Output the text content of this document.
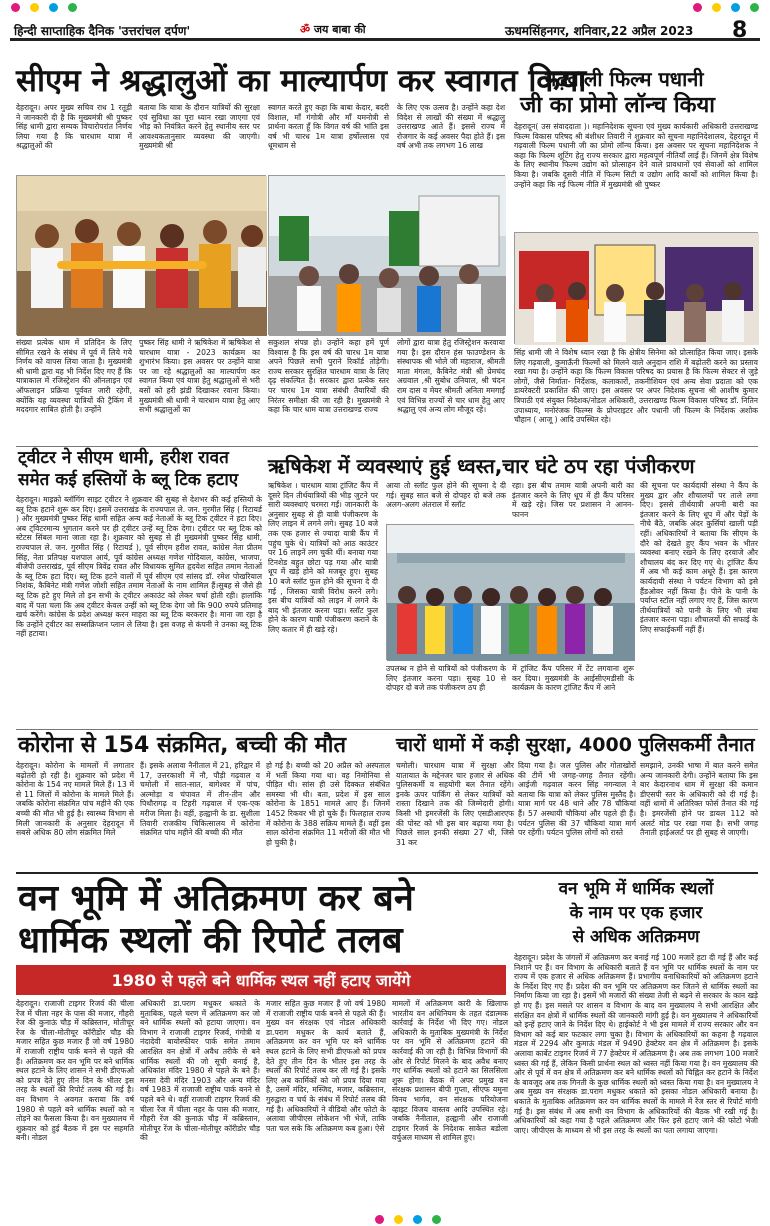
हिन्दी साप्ताहिक दैनिक 'उत्तरांचल दर्पण'	ॐ जय बाबा की	ऊधमसिंहनगर, शनिवार,22 अप्रैल 2023 8
सीएम ने श्रद्धालुओं का माल्यार्पण कर स्वागत किया
देहरादून। अपर मुख्य सचिव राध 1 रतूड़ी ने जानकारी दी है कि मुख्यमंत्री श्री पुष्कर सिंह धामी द्वारा सम्यक विचारोपरांत निर्णय लिया गया है कि चारधाम यात्रा में श्रद्धालुओं की
बताया कि यात्रा के दौरान यात्रियों की सुरक्षा एवं सुविधा का पूरा ध्यान रखा जाएगा एवं भीड़ को नियंत्रित करने हेतु स्थानीय स्तर पर आवश्यकतानुसार व्यवस्था की जाएगी। मुख्यमंत्री श्री
स्वागत करते हुए कहा कि बाबा केदार, बदरी विशाल, माँ गंगोत्री और माँ यमनोत्री से प्रार्थना करता हूँ कि विगत वर्ष की भांति इस वर्ष भी चारध 1म यात्रा हर्षोल्लास एवं धूमधाम से
के लिए एक उत्सव है। उन्होंने कहा देश विदेश से लाखों की संख्या में श्रद्धालु उत्तराखण्ड आते हैं। इससे राज्य में रोजगार के कई अवसर पैदा होते हैं। इस वर्ष अभी तक लगभग 16 लाख
संख्या प्रत्येक धाम में प्रतिदिन के लिए सीमित रखने के संबंध में पूर्व में लिये गये निर्णय को वापस लिया जाता है। मुख्यमंत्री श्री धामी द्वारा यह भी निर्देश दिए गए हैं कि यात्राकाल में रजिस्ट्रेशन की ऑनलाइन एवं ऑफलाइन प्रक्रिया पूर्ववत जारी रहेगी, क्योंकि यह व्यवस्था यात्रियों की ट्रैकिंग में मददगार साबित होती है। उन्होंने
पुष्कर सिंह धामी ने ऋषिकेश में ऋषिकेश से चारधाम यात्रा - 2023 कार्यक्रम का शुभारंभ किया। इस अवसर पर उन्होंने यात्रा पर जा रहे श्रद्धालुओं का माल्यार्पण कर स्वागत किया एवं यात्रा हेतु श्रद्धालुओं से भरी बसों को हरी झंडी दिखाकर रवाना किया। मुख्यमंत्री श्री धामी ने चारधाम यात्रा हेतु आए सभी श्रद्धालुओं का
सकुशल संपन्न हो। उन्होंने कहा हमें पूर्ण विश्वास है कि इस वर्ष की चारध 1म यात्रा अपने पिछले सभी पुराने रिकॉर्ड तोड़ेगी। राज्य सरकार सुरक्षित चारधाम यात्रा के लिए दृढ़ संकल्पित है। सरकार द्वारा प्रत्येक स्तर पर चारध 1म यात्रा संबंधी तैयारियों की निरंतर समीक्षा की जा रही है। मुख्यमंत्री ने कहा कि चार धाम यात्रा उत्तराखण्ड राज्य
लोगों द्वारा यात्रा हेतु रजिस्ट्रेशन करवाया गया है। इस दौरान हंस फाउण्डेशन के संस्थापक श्री भोले जी महाराज, श्रीमती माता मंगला, कैबिनेट मंत्री श्री प्रेमचंद अग्रवाल ,श्री सुबोध उनियाल, श्री चंदन राम दास व मेयर श्रीमती अनिता ममगाईं एवं विभिन्न राज्यों से चार धाम हेतु आए श्रद्धालु एवं अन्य लोग मौजूद रहे।
गढ़वाली फिल्म पधानी
जी का प्रोमो लॉन्च किया
देहरादून( उस संवाददाता )। महानिदेशक सूचना एवं मुख्य कार्यकारी अधिकारी उत्तराखण्ड फिल्म विकास परिषद श्री बंशीधर तिवारी ने शुक्रवार को सूचना महानिदेशालय, देहरादून में गढ़वाली फिल्म पधानी जी का प्रोमो लॉन्च किया। इस अवसर पर सूचना महानिदेशक ने कहा कि फिल्म शूटिंग हेतु राज्य सरकार द्वारा महत्वपूर्ण नीतियाँ लाई हैं। जिनमें क्षेत्र विशेष के लिए स्थानीय फिल्म उद्योग को प्रोत्साहन देने वाले प्रावधानों एवं सेवाओं को शामिल किया है। जबकि दूसरी नीति में फिल्म सिटी व उद्योग आदि कार्यों को शामिल किया है। उन्होंने कहा कि नई फिल्म नीति में मुख्यमंत्री श्री पुष्कर
सिंह धामी जी ने विशेष ध्यान रखा है कि क्षेत्रीय सिनेमा को प्रोत्साहित किया जाए। इसके लिए गढ़वाली, कुमाऊँनी फिल्मों को मिलने वाले अनुदान राशि में बढ़ोतरी करने का प्रस्ताव रखा गया है। उन्होंने कहा कि फिल्म विकास परिषद का प्रयास है कि फिल्म सेक्टर से जुड़े लोगों, जैसे निर्माता- निर्देशक, कलाकारों, तकनीशियन एवं अन्य सेवा प्रदाता को एक डायरेक्टरी प्रकाशित की जाए। इस अवसर पर अपर निदेशक सूचना श्री आशीष कुमार त्रिपाठी एवं संयुक्त निदेशक/नोडल अधिकारी, उत्तराखण्ड फिल्म विकास परिषद डॉ. नितिन उपाध्याय, मनोरंजक फिल्म्स के प्रोपराइटर और पधानी जी फिल्म के निर्देशक अशोक चौहान ( आजू ) आदि उपस्थित रहे।
ट्वीटर ने सीएम धामी, हरीश रावत
समेत कई हस्तियों के ब्लू टिक हटाए
देहरादून। माइक्रो ब्लॉगिंग साइट ट्वीटर ने शुक्रवार की सुबह से देशभर की कई हस्तियों के ब्लू टिक हटाने शुरू कर दिए। इसमें उत्तराखंड के राज्यपाल ले. जन. गुरमीत सिंह ( रिटायर्ड ) और मुख्यमंत्री पुष्कर सिंह धामी सहित अन्य कई नेताओं के ब्लू टिक ट्वीटर ने हटा दिए। अब ट्विटरमान्य भुगतान करने पर ही ट्वीटर उन्हें ब्लू टिक देगा। ट्वीटर पर ब्लू टिक को स्टेटस सिंबल माना जाता रहा है। शुक्रवार को सुबह से ही मुख्यमंत्री पुष्कर सिंह धामी, राज्यपाल ले. जन. गुरमीत सिंह ( रिटायर्ड ), पूर्व सीएम हरीश रावत, कांग्रेस नेता प्रीतम सिंह, नेता प्रतिपक्ष यशपाल आर्य, पूर्व कांग्रेस अध्यक्ष गणेश गोदियाल, कांग्रेस, भाजपा, बीजेपी उत्तराखंड, पूर्व सीएम त्रिवेंद्र रावत और विधायक सुमित हृदयेश सहित तमाम नेताओं के ब्लू टिक हटा दिए। ब्लू टिक हटने वालों में पूर्व सीएम एवं सांसद डॉ. रमेश पोखरियाल निशंक, कैबिनेट मंत्री गणेश जोशी सहित तमाम नेताओं के नाम शामिल हैं।सुबह से जैसे ही ब्लू टिक हटे हुए मिले तो इन सभी के ट्वीटर अकाउंट को लेकर चर्चा होती रही। हालांकि बाद में पता चला कि अब ट्वीटर केवल उन्हीं को ब्लू टिक देगा जो कि 900 रुपये प्रतिमाह खर्च करेंगे। कांग्रेस के प्रदेश अध्यक्ष करन माहरा का ब्लू टिक बरकरार है। माना जा रहा है कि उन्होंने ट्वीटर का सब्सक्रिप्शन प्लान ले लिया है। इस वजह से कंपनी ने उनका ब्लू टिक नहीं हटाया।
ऋषिकेश में व्यवस्थाएं हुई ध्वस्त,चार घंटे ठप रहा पंजीकरण
ऋषिकेश । चारधाम यात्रा ट्रांजिट कैंप में दूसरे दिन तीर्थयात्रियों की भीड़ जुटने पर सारी व्यवस्थाएं चरमरा गईं। जानकारी के अनुसार सुबह से ही यात्री पंजीकरण के लिए लाइन में लगने लगे। सुबह 10 बजे तक एक हजार से ज्यादा यात्री कैंप में पहुंच चुके थे। यात्रियों को आठ काउंटर पर 16 लाइनें लग चुकी थीं। बनाया गया टिनशेड बहुत छोटा पड़ गया और यात्री धूप में खड़े होने को मजबूर हुए। सुबह 10 बजे स्लॉट फुल होने की सूचना दे दी गई , जिसका यात्री विरोध करने लगे। इस बीच यात्रियों को लाइन में लगने के बाद भी इंतजार करना पड़ा। स्लॉट फुल होने के कारण यात्री पंजीकरण कराने के लिए कतार में ही खड़े रहे।
आया तो स्लॉट फुल होने की सूचना दे दी गई। सुबह सात बजे से दोपहर दो बजे तक अलग-अलग अंतराल में स्लॉट
रहा। इस बीच तमाम यात्री अपनी बारी का इंतजार करने के लिए धूप में ही कैंप परिसर में खड़े रहे। जिस पर प्रशासन ने आनन-फानन
उपलब्ध न होने से यात्रियों को पंजीकरण के लिए इंतजार करना पड़ा। सुबह 10 से दोपहर दो बजे तक पंजीकरण ठप ही
में ट्रांजिट कैंप परिसर में टेंट लगवाना शुरू कर दिया। मुख्यमंत्री के आईसीएमडीसी के कार्यक्रम के कारण ट्रांजिट कैंप में आने
की सूचना पर कार्यदायी संस्था ने कैंप के मुख्य द्वार और शौचालयों पर ताले लगा दिए। इससे तीर्थयात्री अपनी बारी का इंतजार करने के लिए धूप में और पेड़ों के नीचे बैठे, जबकि अंदर कुर्सियां खाली पड़ी रहीं। अधिकारियों ने बताया कि सीएम के दौरे को देखते हुए कैंप भवन के भीतर व्यवस्था बनाए रखने के लिए दरवाजे और शौचालय बंद कर दिए गए थे। ट्रांजिट कैंप में अब भी कई काम अधूरे हैं। इस कारण कार्यदायी संस्था ने पर्यटन विभाग को इसे हैंडओवर नहीं किया है। पीने के पानी के पर्याप्त स्टॉल नहीं लगाए गए हैं, जिस कारण तीर्थयात्रियों को पानी के लिए भी लंबा इंतजार करना पड़ा। शौचालयों की सफाई के लिए सफाईकर्मी नहीं हैं।
कोरोना से 154 संक्रमित, बच्ची की मौत
देहरादून। कोरोना के मामलों में लगातार बढ़ोतरी हो रही है। शुक्रवार को प्रदेश में कोरोना के 154 नए मामले मिले हैं। 13 में से 11 जिलों में कोरोना के मामले मिले हैं। जबकि कोरोना संक्रमित पांच महीने की एक बच्ची की मौत भी हुई है। स्वास्थ्य विभाग से मिली जानकारी के अनुसार देहरादून में सबसे अधिक 80 लोग संक्रमित मिले
हैं। इसके अलावा नैनीताल में 21, हरिद्वार में 17, उत्तरकाशी में नौ, पौड़ी गढ़वाल व चमोली में सात-सात, बागेश्वर में पांच, अल्मोड़ा व चंपावत में तीन-तीन और पिथौरागढ़ व टिहरी गढ़वाल में एक-एक मरीज मिला है। वहीं, हल्द्वानी के डा. सुशीला तिवारी राजकीय चिकित्सालय में कोरोना संक्रमित पांच महीने की बच्ची की मौत
हो गई है। बच्ची को 20 अप्रैल को अस्पताल में भर्ती किया गया था। वह निमोनिया से पीड़ित थी। सांस ही उसे दिक्कत संबंधित समस्या भी थी। बता, प्रदेश में इस साल कोरोना के 1851 मामले आए हैं। जिनमें 1452 रिकवर भी हो चुके हैं। फिलहाल राज्य में कोरोना के 388 सक्रिय मामले हैं। वहीं इस साल कोरोना संक्रमित 11 मरीजों की मौत भी हो चुकी है।
चारों धामों में कड़ी सुरक्षा, 4000 पुलिसकर्मी तैनात
चमोली। चारधाम यात्रा में सुरक्षा और यातायात के मद्देनजर चार हजार से अधिक पुलिसकर्मी व सहयोगी बल तैनात रहेंगे। इनके ऊपर पार्किंग से लेकर यात्रियों को रास्ता दिखाने तक की जिम्मेदारी होगी। किसी भी इमरजेंसी के लिए एसडीआरएफ की पोस्ट को भी इस बार बढ़ाया गया है। पिछले साल इनकी संख्या 27 थी, जिसे 31 कर
दिया गया है। जल पुलिस और गोताखोरों की टीमें भी जगह-जगह तैनात रहेंगी। आईजी गढ़वाल करन सिंह नगन्याल ने बताया कि यात्रा को लेकर पुलिस मुस्तैद है। यात्रा मार्ग पर 48 थाने और 78 चौकियां हैं। 57 अस्थायी चौकियां और पहले ही हैं। पर्यटन पुलिस की 37 चौकियां यात्रा मार्ग पर रहेंगी। पर्यटन पुलिस लोगों को रास्ते
समझाने, उनकी भाषा में बात करने समेत अन्य जानकारी देगी। उन्होंने बताया कि इस बार केदारनाथ धाम में सुरक्षा की कमान डीएसपी स्तर के अधिकारी को दी गई है। वहीं धामों में अतिरिक्त फोर्स तैनात की गई है। इमरजेंसी होने पर डायल 112 को अलर्ट मोड पर रखा गया है। सभी जगह तैनाती हाईअलर्ट पर ही सुबह से जाएगी।
वन भूमि में अतिक्रमण कर बने
धार्मिक स्थलों की रिपोर्ट तलब
1980 से पहले बने धार्मिक स्थल नहीं हटाए जायेंगे
देहरादून। राजाजी टाइगर रिजर्व की चीला रेंज में चीला नहर के पास की मजार, गौहरी रेंज की कुनाऊं चौड़ में कब्रिस्तान, मोतीचूर रेंज के चीला-मोतीचूर कॉरीडोर चौड़ की मजार सहित कुछ मजार हैं जो वर्ष 1980 में राजाजी राष्ट्रीय पार्क बनने से पहले की हैं। अतिक्रमण कर वन भूमि पर बने धार्मिक स्थल हटाने के लिए शासन ने सभी डीएफओ को प्रपत्र देते हुए तीन दिन के भीतर इस तरह के स्थलों की रिपोर्ट तलब की गई है। वन विभाग ने अवगत कराया कि वर्ष 1980 से पहले बने धार्मिक स्थलों को न तोड़ने का फैसला किया है। वन मुख्यालय में शुक्रवार को हुई बैठक में इस पर सहमति बनी। नोडल
अधिकारी डा.पराग मधुकर धकाते के मुताबिक, पहले चरण में अतिक्रमण कर जो बने धार्मिक स्थलों को हटाया जाएगा। वन विभाग ने राजाजी टाइगर रिजर्व, गंगोत्री व नंदादेवी बायोस्फीयर पार्क समेत तमाम आरक्षित वन क्षेत्रों में अवैध तरीके से बने धार्मिक स्थलों की जो सूची बनाई है, अधिकांश मंदिर 1980 से पहले के बने हैं। मनसा देवी मंदिर 1903 और अन्य मंदिर वर्ष 1983 में राजाजी राष्ट्रीय पार्क बनने से पहले बने थे। वहीं राजाजी टाइगर रिजर्व की चीला रेंज में चीला नहर के पास की मजार, गौहरी रेंज की कुनाऊं चौड़ में कब्रिस्तान, मोतीचूर रेंज के चीला-मोतीचूर कॉरीडोर चौड़ की
मजार सहित कुछ मजार हैं जो वर्ष 1980 में राजाजी राष्ट्रीय पार्क बनने से पहले की हैं। मुख्य वन संरक्षक एवं नोडल अधिकारी डा.पराग मधुकर के कार्य बताते हैं, अतिक्रमण कर वन भूमि पर बने धार्मिक स्थल हटाने के लिए सभी डीएफओ को प्रपत्र देते हुए तीन दिन के भीतर इस तरह के स्थलों की रिपोर्ट तलब कर ली गई है। इसके लिए अब कार्मिकों को जो प्रपत्र दिया गया है, उसमें मंदिर, मस्जिद, मजार, कब्रिस्तान, गुरुद्वारा व चर्च के संबंध में रिपोर्ट तलब की गई है। अधिकारियों ने वीडियो और फोटो के अलावा जीपीएस लोकेशन भी भेजें, ताकि पता चल सके कि अतिक्रमण कब हुआ। ऐसे
मामलों में अतिक्रमण कारी के खिलाफ भारतीय वन अधिनियम के तहत दंडात्मक कार्रवाई के निर्देश भी दिए गए। नोडल अधिकारी के मुताबिक मुख्यमंत्री के निर्देश पर वन भूमि से अतिक्रमण हटाने की कार्रवाई की जा रही है। विभिन्न विभागों की ओर से रिपोर्ट मिलने के बाद अवैध बनाए गए धार्मिक स्थलों को हटाने का सिलसिला शुरू होगा। बैठक में अपर प्रमुख वन संरक्षक प्रशासन बीपी गुप्ता, सीएफ यमुना विनय भार्गव, वन संरक्षक परियोजना व्हाइट विजय वास्तव आदि उपस्थित रहे। जबकि नैनीताल, हल्द्वानी और राजाजी टाइगर रिजर्व के निदेशक साकेत बडोला वर्चुअल माध्यम से शामिल हुए।
वन भूमि में धार्मिक स्थलों
के नाम पर एक हजार
से अधिक अतिक्रमण
देहरादून। प्रदेश के जंगलों में अतिक्रमण कर बनाई गई 100 मजारें हटा दी गई हैं और कई निशाने पर हैं। वन विभाग के अधिकारी बताते हैं वन भूमि पर धार्मिक स्थलों के नाम पर राज्य में एक हजार से अधिक अतिक्रमण हैं। प्रभागीय वनाधिकारियों को अतिक्रमण हटाने के निर्देश दिए गए हैं। प्रदेश की वन भूमि पर अतिक्रमण कर जितने से धार्मिक स्थलों का निर्माण किया जा रहा है। इसमें भी मजारों की संख्या तेजी से बढ़ने से सरकार के कान खड़े हो गए हैं। इस मसले पर शासन व विभाग के बाद वन मुख्यालय ने सभी आरक्षित और संरक्षित वन क्षेत्रों में धार्मिक स्थलों की जानकारी मांगी हुई है। वन मुख्यालय ने अधिकारियों को इन्हें हटाए जाने के निर्देश दिए थे। हाईकोर्ट ने भी इस मामले में राज्य सरकार और वन विभाग को कई बार फटकार लगा चुका है। विभाग के अधिकारियों का कहना है गढ़वाल मंडल में 2294 और कुमाऊं मंडल में 9490 हेक्टेयर वन क्षेत्र में अतिक्रमण है। इसके अलावा कार्बेट टाइगर रिजर्व में 77 हेक्टेयर में अतिक्रमण है। अब तक लगभग 100 मजारें ध्वस्त की गई हैं, लेकिन किसी प्रार्थना स्थल को ध्वस्त नहीं किया गया है। वन मुख्यालय की ओर से पूर्व में वन क्षेत्र में अतिक्रमण कर बने धार्मिक स्थलों को चिह्नित कर हटाने के निर्देश के बावजूद अब तक गिनती के कुछ धार्मिक स्थलों को ध्वस्त किया गया है। वन मुख्यालय ने अब मुख्य वन संरक्षक डा.पराग मधुकर धकाते को इसका नोडल अधिकारी बनाया है। धकाते के मुताबिक अतिक्रमण कर वन धार्मिक स्थलों के मामले में रेंज स्तर से रिपोर्ट मांगी गई है। इस संबंध में अब सभी वन विभाग के अधिकारियों की बैठक भी रखी गई है। अधिकारियों को कहा गया है पहले अतिक्रमण और फिर इसे हटाए जाने की फोटो भेजी जाए। जीपीएस के माध्यम से भी इस तरह के स्थलों का पता लगाया जाएगा।
